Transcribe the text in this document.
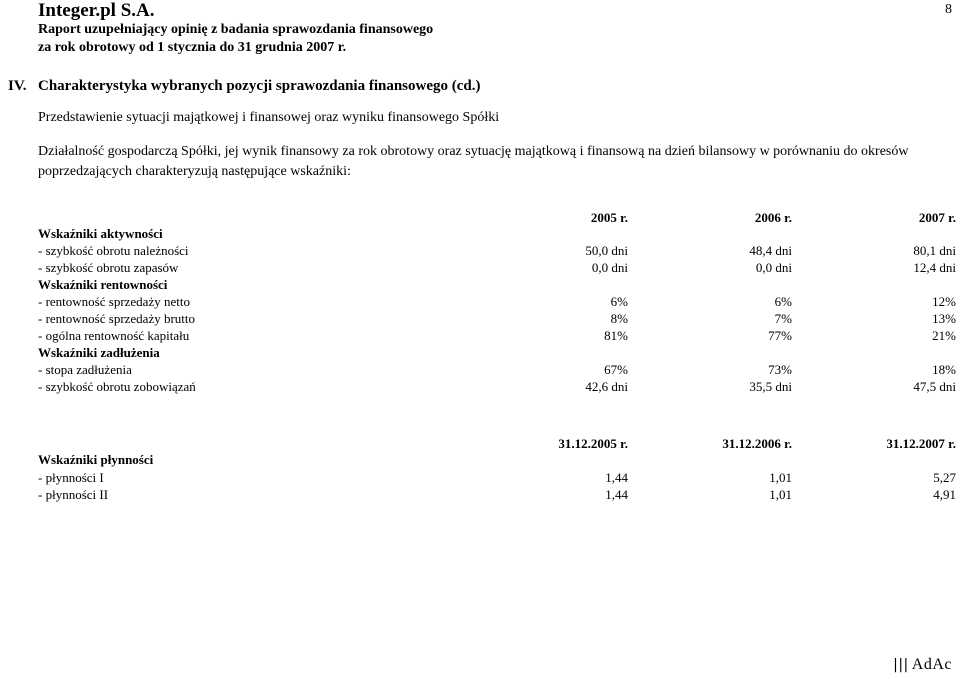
Integer.pl S.A.	8
Raport uzupełniający opinię z badania sprawozdania finansowego
za rok obrotowy od 1 stycznia do 31 grudnia 2007 r.
IV. Charakterystyka wybranych pozycji sprawozdania finansowego (cd.)
Przedstawienie sytuacji majątkowej i finansowej oraz wyniku finansowego Spółki
Działalność gospodarczą Spółki, jej wynik finansowy za rok obrotowy oraz sytuację majątkową i finansową na dzień bilansowy w porównaniu do okresów poprzedzających charakteryzują następujące wskaźniki:
2005 r.	2006 r.	2007 r.
Wskaźniki aktywności
- szybkość obrotu należności	50,0 dni	48,4 dni	80,1 dni
- szybkość obrotu zapasów	0,0 dni	0,0 dni	12,4 dni
Wskaźniki rentowności
- rentowność sprzedaży netto	6%	6%	12%
- rentowność sprzedaży brutto	8%	7%	13%
- ogólna rentowność kapitału	81%	77%	21%
Wskaźniki zadłużenia
- stopa zadłużenia	67%	73%	18%
- szybkość obrotu zobowiązań	42,6 dni	35,5 dni	47,5 dni
31.12.2005 r.	31.12.2006 r.	31.12.2007 r.
Wskaźniki płynności
- płynności I	1,44	1,01	5,27
- płynności II	1,44	1,01	4,91
||| AdAc
